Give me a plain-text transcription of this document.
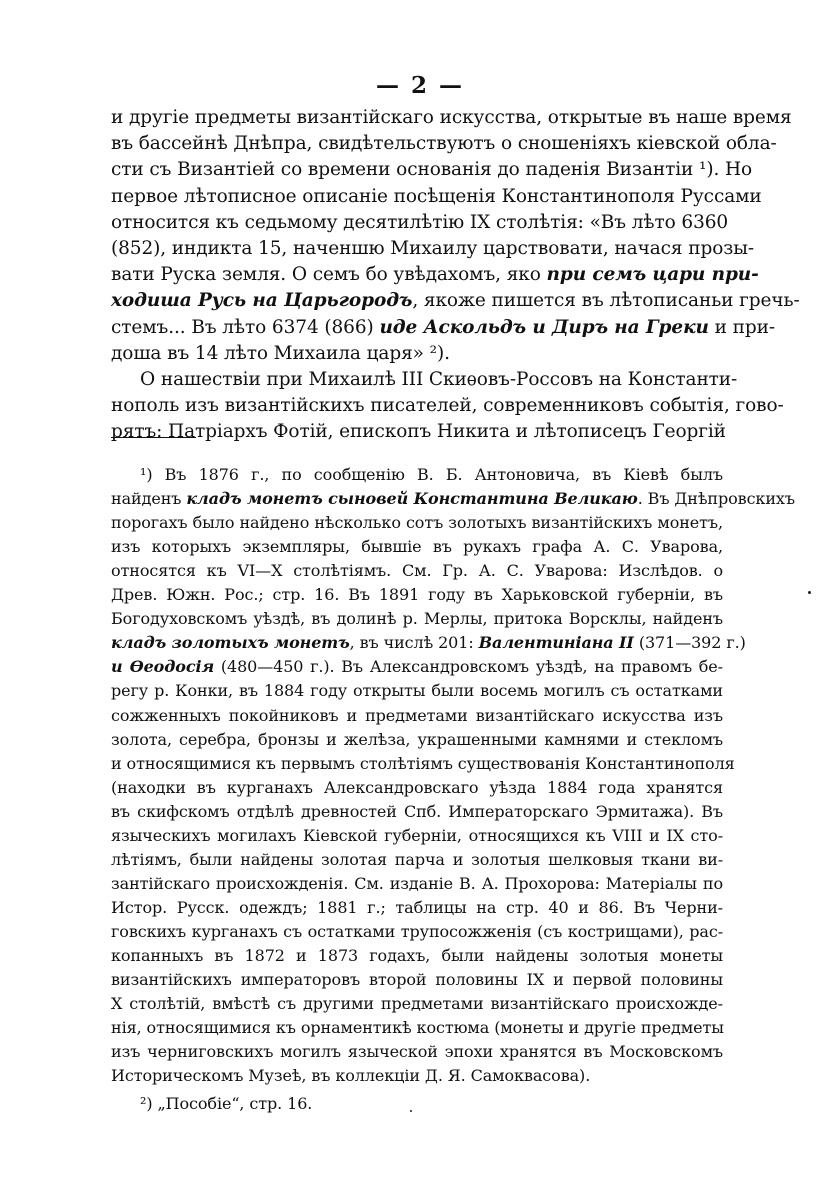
— 2 —
и другіе предметы византійскаго искусства, открытые въ наше время
въ бассейнѣ Днѣпра, свидѣтельствуютъ о сношеніяхъ кіевской обла-
сти съ Византіей со времени основанія до паденія Византіи ¹). Но
первое лѣтописное описаніе посѣщенія Константинополя Руссами
относится къ седьмому десятилѣтію IX столѣтія: «Въ лѣто 6360
(852), индикта 15, наченшю Михаилу царствовати, начася прозы-
вати Руска земля. О семъ бо увѣдахомъ, яко при семъ цари при-
ходиша Русь на Царьгородъ, якоже пишется въ лѣтописаньи гречь-
стемъ... Въ лѣто 6374 (866) иде Аскольдъ и Диръ на Греки и при-
доша въ 14 лѣто Михаила царя» ²).
О нашествіи при Михаилѣ III Скиѳовъ-Россовъ на Константи-
нополь изъ византійскихъ писателей, современниковъ событія, гово-
рятъ: Патріархъ Фотій, епископъ Никита и лѣтописецъ Георгій
¹) Въ 1876 г., по сообщенію В. Б. Антоновича, въ Кіевѣ былъ
найденъ кладъ монетъ сыновей Константина Великаю. Въ Днѣпровскихъ
порогахъ было найдено нѣсколько сотъ золотыхъ византійскихъ монетъ,
изъ которыхъ экземпляры, бывшіе въ рукахъ графа А. С. Уварова,
относятся къ VI—X столѣтіямъ. См. Гр. А. С. Уварова: Изслѣдов. о
Древ. Южн. Рос.; стр. 16. Въ 1891 году въ Харьковской губерніи, въ
Богодуховскомъ уѣздѣ, въ долинѣ р. Мерлы, притока Ворсклы, найденъ
кладъ золотыхъ монетъ, въ числѣ 201: Валентиніана II (371—392 г.)
и Ѳеодосія (480—450 г.). Въ Александровскомъ уѣздѣ, на правомъ бе-
регу р. Конки, въ 1884 году открыты были восемь могилъ съ остатками
сожженныхъ покойниковъ и предметами византійскаго искусства изъ
золота, серебра, бронзы и желѣза, украшенными камнями и стекломъ
и относящимися къ первымъ столѣтіямъ существованія Константинополя
(находки въ курганахъ Александровскаго уѣзда 1884 года хранятся
въ скифскомъ отдѣлѣ древностей Спб. Императорскаго Эрмитажа). Въ
языческихъ могилахъ Кіевской губерніи, относящихся къ VIII и IX сто-
лѣтіямъ, были найдены золотая парча и золотыя шелковыя ткани ви-
зантійскаго происхожденія. См. изданіе В. А. Прохорова: Матеріалы по
Истор. Русск. одеждъ; 1881 г.; таблицы на стр. 40 и 86. Въ Черни-
говскихъ курганахъ съ остатками трупосожженія (съ кострищами), рас-
копанныхъ въ 1872 и 1873 годахъ, были найдены золотыя монеты
византійскихъ императоровъ второй половины IX и первой половины
X столѣтій, вмѣстѣ съ другими предметами византійскаго происхожде-
нія, относящимися къ орнаментикѣ костюма (монеты и другіе предметы
изъ черниговскихъ могилъ языческой эпохи хранятся въ Московскомъ
Историческомъ Музеѣ, въ коллекціи Д. Я. Самоквасова).
²) „Пособіе“, стр. 16.
